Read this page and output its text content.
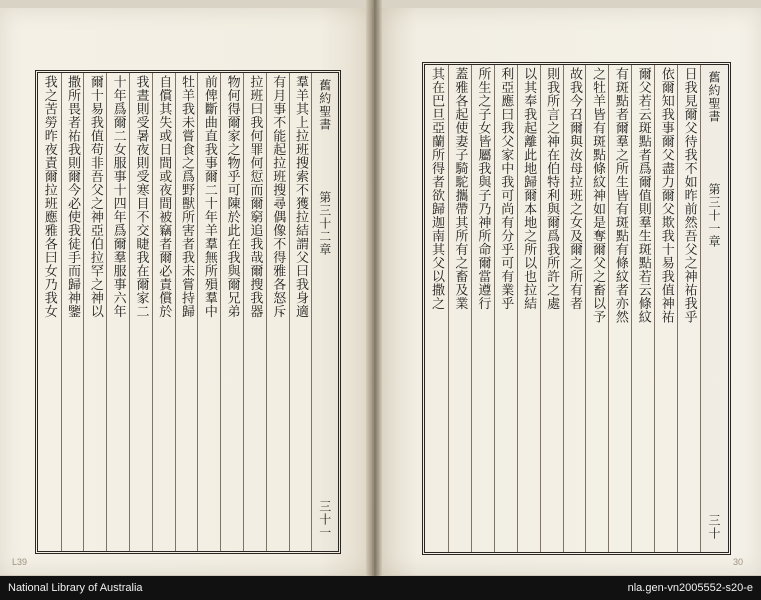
舊約聖書
第三十二章
三十一
羣羊其上拉班搜索不獲拉結謂父曰我身適
有月事不能起拉班搜尋偶像不得雅各怒斥
拉班曰我何罪何愆而爾窮追我哉爾搜我器
物何得爾家之物乎可陳於此在我與爾兄弟
前俾斷曲直我事爾二十年羊羣無所殞羣中
牡羊我未嘗食之爲野獸所害者我未嘗持歸
自償其失或日間或夜間被竊者爾必責償於
我晝則受暑夜則受寒目不交睫我在爾家二
十年爲爾二女服事十四年爲爾羣服事六年
爾十易我值苟非吾父之神亞伯拉罕之神以
撒所畏者祐我則爾今必使我徒手而歸神鑒
我之苦勞昨夜責爾拉班應雅各曰女乃我女	舊約聖書
第三十一章
三十
日我見爾父待我不如昨前然吾父之神祐我乎
依爾知我事爾父盡力爾父欺我十易我值神祐
爾父若云斑點者爲爾值則羣生斑點若云條紋
有斑點者爾羣之所生皆有斑點有條紋者亦然
之牡羊皆有斑點條紋神如是奪爾父之畜以予
故我今召爾與汝母拉班之女及爾之所有者
則我所言之神在伯特利與爾爲我所許之處
以其奉我起離此地歸爾本地之所以也拉結
利亞應曰我父家中我可尚有分乎可有業乎
所生之子女皆屬我與子乃神所命爾當遵行
蓋雅各起使妻子騎駝攜帶其所有之畜及業
其在巴旦亞蘭所得者欲歸迦南其父以撒之
L39	30
National Library of Australia	nla.gen-vn2005552-s20-e
